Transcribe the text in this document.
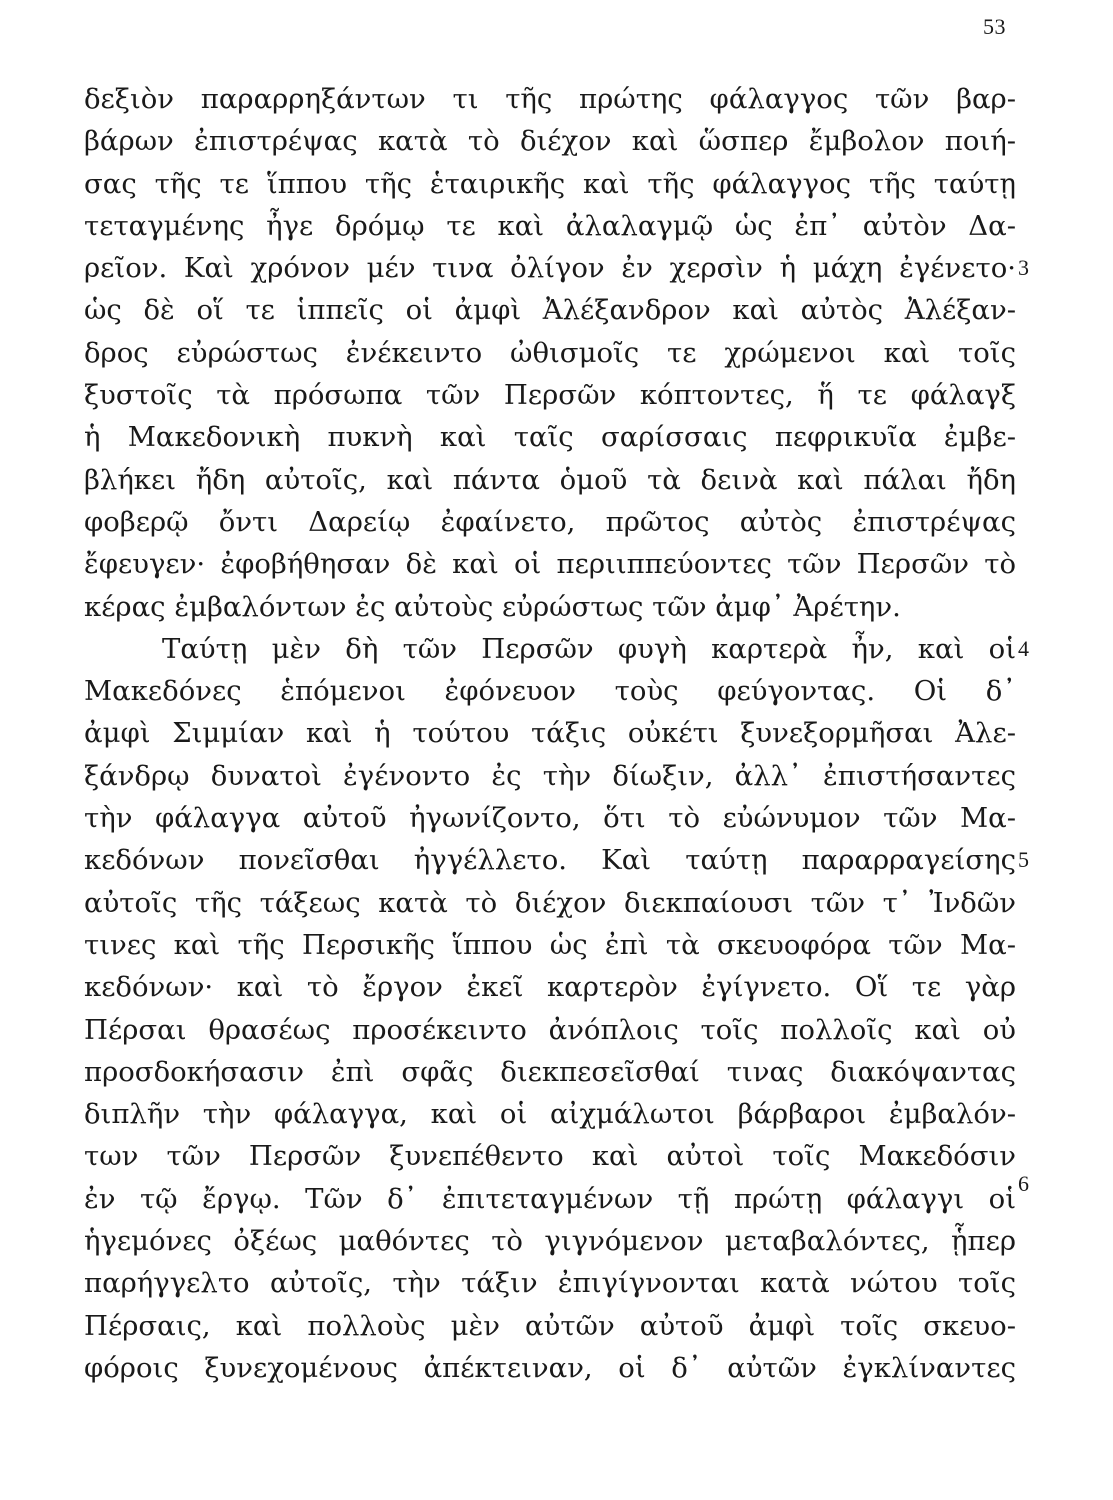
53
δεξιὸν παραρρηξάντων τι τῆς πρώτης φάλαγγος τῶν βαρ-
βάρων ἐπιστρέψας κατὰ τὸ διέχον καὶ ὥσπερ ἔμβολον ποιή-
σας τῆς τε ἵππου τῆς ἑταιρικῆς καὶ τῆς φάλαγγος τῆς ταύτῃ
τεταγμένης ἦγε δρόμῳ τε καὶ ἀλαλαγμῷ ὡς ἐπ᾽ αὐτὸν Δα-
ρεῖον. Καὶ χρόνον μέν τινα ὀλίγον ἐν χερσὶν ἡ μάχη ἐγένετο·
ὡς δὲ οἵ τε ἱππεῖς οἱ ἀμφὶ Ἀλέξανδρον καὶ αὐτὸς Ἀλέξαν-
δρος εὐρώστως ἐνέκειντο ὠθισμοῖς τε χρώμενοι καὶ τοῖς
ξυστοῖς τὰ πρόσωπα τῶν Περσῶν κόπτοντες, ἥ τε φάλαγξ
ἡ Μακεδονικὴ πυκνὴ καὶ ταῖς σαρίσσαις πεφρικυῖα ἐμβε-
βλήκει ἤδη αὐτοῖς, καὶ πάντα ὁμοῦ τὰ δεινὰ καὶ πάλαι ἤδη
φοβερῷ ὄντι Δαρείῳ ἐφαίνετο, πρῶτος αὐτὸς ἐπιστρέψας
ἔφευγεν· ἐφοβήθησαν δὲ καὶ οἱ περιιππεύοντες τῶν Περσῶν τὸ
κέρας ἐμβαλόντων ἐς αὐτοὺς εὐρώστως τῶν ἀμφ᾽ Ἀρέτην.
Ταύτῃ μὲν δὴ τῶν Περσῶν φυγὴ καρτερὰ ἦν, καὶ οἱ
Μακεδόνες ἑπόμενοι ἐφόνευον τοὺς φεύγοντας. Οἱ δ᾽
ἀμφὶ Σιμμίαν καὶ ἡ τούτου τάξις οὐκέτι ξυνεξορμῆσαι Ἀλε-
ξάνδρῳ δυνατοὶ ἐγένοντο ἐς τὴν δίωξιν, ἀλλ᾽ ἐπιστήσαντες
τὴν φάλαγγα αὐτοῦ ἠγωνίζοντο, ὅτι τὸ εὐώνυμον τῶν Μα-
κεδόνων πονεῖσθαι ἠγγέλλετο. Καὶ ταύτῃ παραρραγείσης
αὐτοῖς τῆς τάξεως κατὰ τὸ διέχον διεκπαίουσι τῶν τ᾽ Ἰνδῶν
τινες καὶ τῆς Περσικῆς ἵππου ὡς ἐπὶ τὰ σκευοφόρα τῶν Μα-
κεδόνων· καὶ τὸ ἔργον ἐκεῖ καρτερὸν ἐγίγνετο. Οἵ τε γὰρ
Πέρσαι θρασέως προσέκειντο ἀνόπλοις τοῖς πολλοῖς καὶ οὐ
προσδοκήσασιν ἐπὶ σφᾶς διεκπεσεῖσθαί τινας διακόψαντας
διπλῆν τὴν φάλαγγα, καὶ οἱ αἰχμάλωτοι βάρβαροι ἐμβαλόν-
των τῶν Περσῶν ξυνεπέθεντο καὶ αὐτοὶ τοῖς Μακεδόσιν
ἐν τῷ ἔργῳ. Τῶν δ᾽ ἐπιτεταγμένων τῇ πρώτῃ φάλαγγι οἱ
ἡγεμόνες ὀξέως μαθόντες τὸ γιγνόμενον μεταβαλόντες, ᾗπερ
παρήγγελτο αὐτοῖς, τὴν τάξιν ἐπιγίγνονται κατὰ νώτου τοῖς
Πέρσαις, καὶ πολλοὺς μὲν αὐτῶν αὐτοῦ ἀμφὶ τοῖς σκευο-
φόροις ξυνεχομένους ἀπέκτειναν, οἱ δ᾽ αὐτῶν ἐγκλίναντες
3
4
5
6
